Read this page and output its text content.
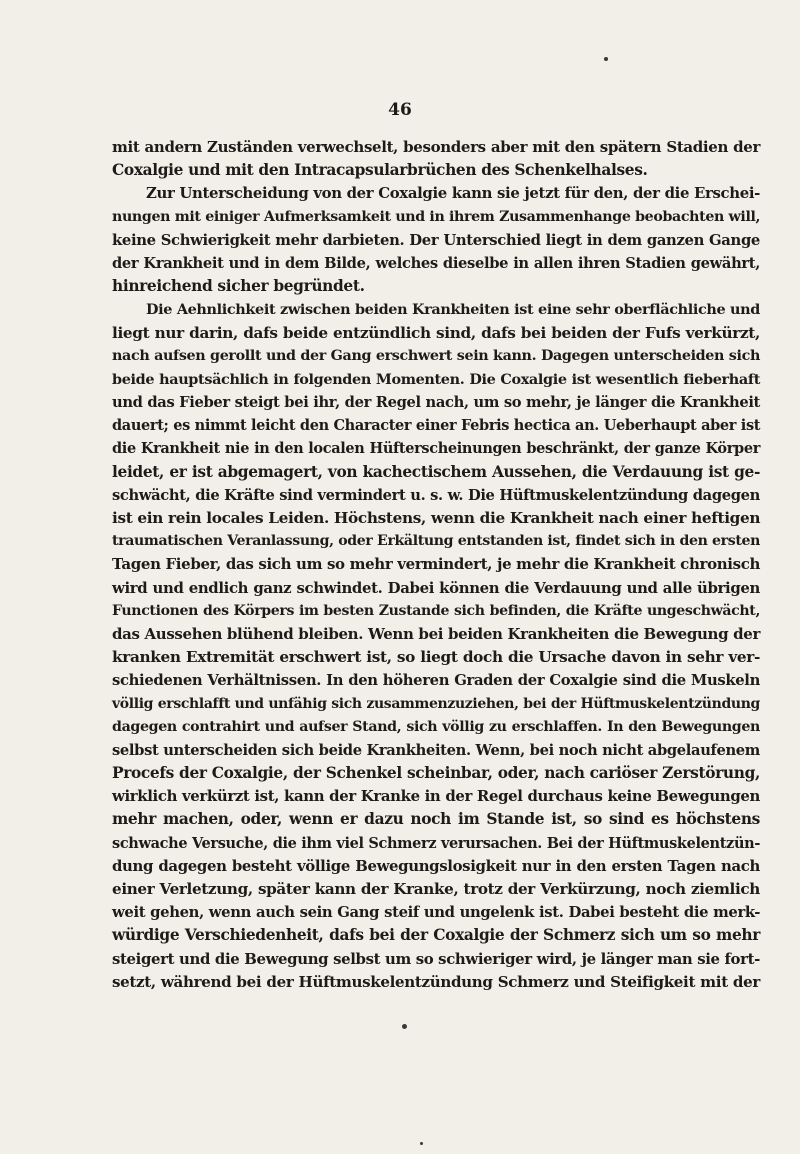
46
mit andern Zuständen verwechselt, besonders aber mit den spätern Stadien der
Coxalgie und mit den Intracapsularbrüchen des Schenkelhalses.
Zur Unterscheidung von der Coxalgie kann sie jetzt für den, der die Erschei-
nungen mit einiger Aufmerksamkeit und in ihrem Zusammenhange beobachten will,
keine Schwierigkeit mehr darbieten. Der Unterschied liegt in dem ganzen Gange
der Krankheit und in dem Bilde, welches dieselbe in allen ihren Stadien gewährt,
hinreichend sicher begründet.
Die Aehnlichkeit zwischen beiden Krankheiten ist eine sehr oberflächliche und
liegt nur darin, dafs beide entzündlich sind, dafs bei beiden der Fufs verkürzt,
nach aufsen gerollt und der Gang erschwert sein kann. Dagegen unterscheiden sich
beide hauptsächlich in folgenden Momenten. Die Coxalgie ist wesentlich fieberhaft
und das Fieber steigt bei ihr, der Regel nach, um so mehr, je länger die Krankheit
dauert; es nimmt leicht den Character einer Febris hectica an. Ueberhaupt aber ist
die Krankheit nie in den localen Hüfterscheinungen beschränkt, der ganze Körper
leidet, er ist abgemagert, von kachectischem Aussehen, die Verdauung ist ge-
schwächt, die Kräfte sind vermindert u. s. w. Die Hüftmuskelentzündung dagegen
ist ein rein locales Leiden. Höchstens, wenn die Krankheit nach einer heftigen
traumatischen Veranlassung, oder Erkältung entstanden ist, findet sich in den ersten
Tagen Fieber, das sich um so mehr vermindert, je mehr die Krankheit chronisch
wird und endlich ganz schwindet. Dabei können die Verdauung und alle übrigen
Functionen des Körpers im besten Zustande sich befinden, die Kräfte ungeschwächt,
das Aussehen blühend bleiben. Wenn bei beiden Krankheiten die Bewegung der
kranken Extremität erschwert ist, so liegt doch die Ursache davon in sehr ver-
schiedenen Verhältnissen. In den höheren Graden der Coxalgie sind die Muskeln
völlig erschlafft und unfähig sich zusammenzuziehen, bei der Hüftmuskelentzündung
dagegen contrahirt und aufser Stand, sich völlig zu erschlaffen. In den Bewegungen
selbst unterscheiden sich beide Krankheiten. Wenn, bei noch nicht abgelaufenem
Procefs der Coxalgie, der Schenkel scheinbar, oder, nach cariöser Zerstörung,
wirklich verkürzt ist, kann der Kranke in der Regel durchaus keine Bewegungen
mehr machen, oder, wenn er dazu noch im Stande ist, so sind es höchstens
schwache Versuche, die ihm viel Schmerz verursachen. Bei der Hüftmuskelentzün-
dung dagegen besteht völlige Bewegungslosigkeit nur in den ersten Tagen nach
einer Verletzung, später kann der Kranke, trotz der Verkürzung, noch ziemlich
weit gehen, wenn auch sein Gang steif und ungelenk ist. Dabei besteht die merk-
würdige Verschiedenheit, dafs bei der Coxalgie der Schmerz sich um so mehr
steigert und die Bewegung selbst um so schwieriger wird, je länger man sie fort-
setzt, während bei der Hüftmuskelentzündung Schmerz und Steifigkeit mit der
